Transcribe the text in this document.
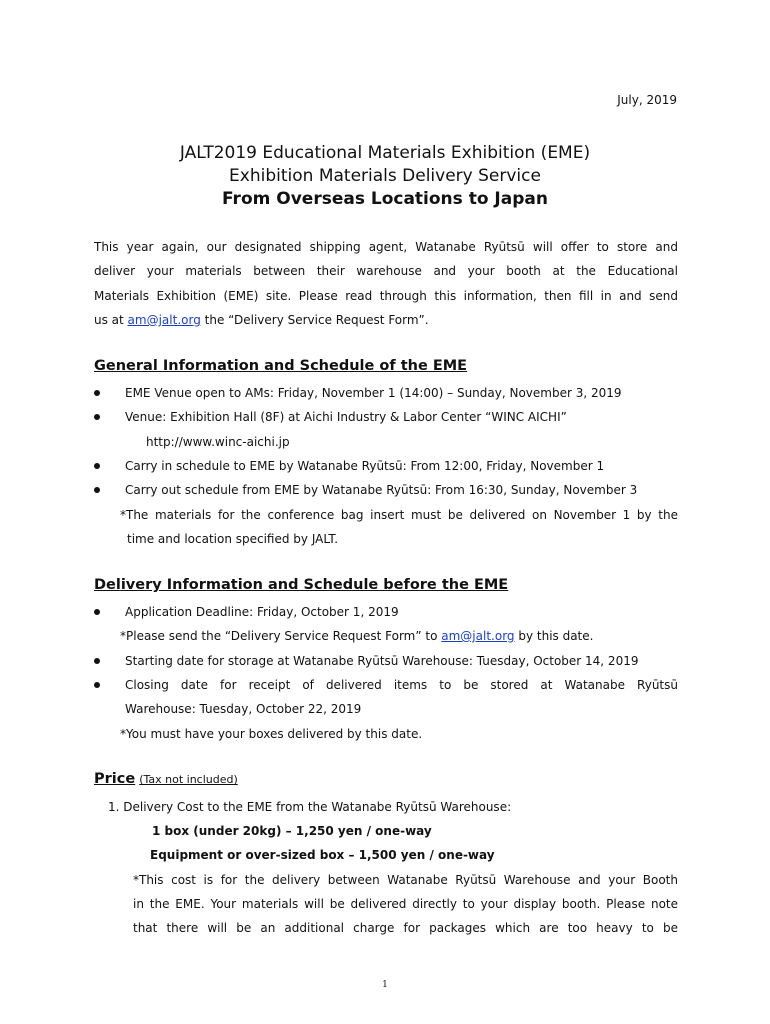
July, 2019
JALT2019 Educational Materials Exhibition (EME)
Exhibition Materials Delivery Service
From Overseas Locations to Japan
This year again, our designated shipping agent, Watanabe Ryūtsū will offer to store and
deliver your materials between their warehouse and your booth at the Educational
Materials Exhibition (EME) site. Please read through this information, then fill in and send
us at am@jalt.org the “Delivery Service Request Form”.
General Information and Schedule of the EME
EME Venue open to AMs: Friday, November 1 (14:00) – Sunday, November 3, 2019
Venue: Exhibition Hall (8F) at Aichi Industry & Labor Center “WINC AICHI”
http://www.winc-aichi.jp
Carry in schedule to EME by Watanabe Ryūtsū: From 12:00, Friday, November 1
Carry out schedule from EME by Watanabe Ryūtsū: From 16:30, Sunday, November 3
*The materials for the conference bag insert must be delivered on November 1 by the
time and location specified by JALT.
Delivery Information and Schedule before the EME
Application Deadline: Friday, October 1, 2019
*Please send the “Delivery Service Request Form” to am@jalt.org by this date.
Starting date for storage at Watanabe Ryūtsū Warehouse: Tuesday, October 14, 2019
Closing date for receipt of delivered items to be stored at Watanabe Ryūtsū
Warehouse: Tuesday, October 22, 2019
*You must have your boxes delivered by this date.
Price (Tax not included)
1. Delivery Cost to the EME from the Watanabe Ryūtsū Warehouse:
1 box (under 20kg) – 1,250 yen / one-way
Equipment or over-sized box – 1,500 yen / one-way
*This cost is for the delivery between Watanabe Ryūtsū Warehouse and your Booth
in the EME. Your materials will be delivered directly to your display booth. Please note
that there will be an additional charge for packages which are too heavy to be
1
